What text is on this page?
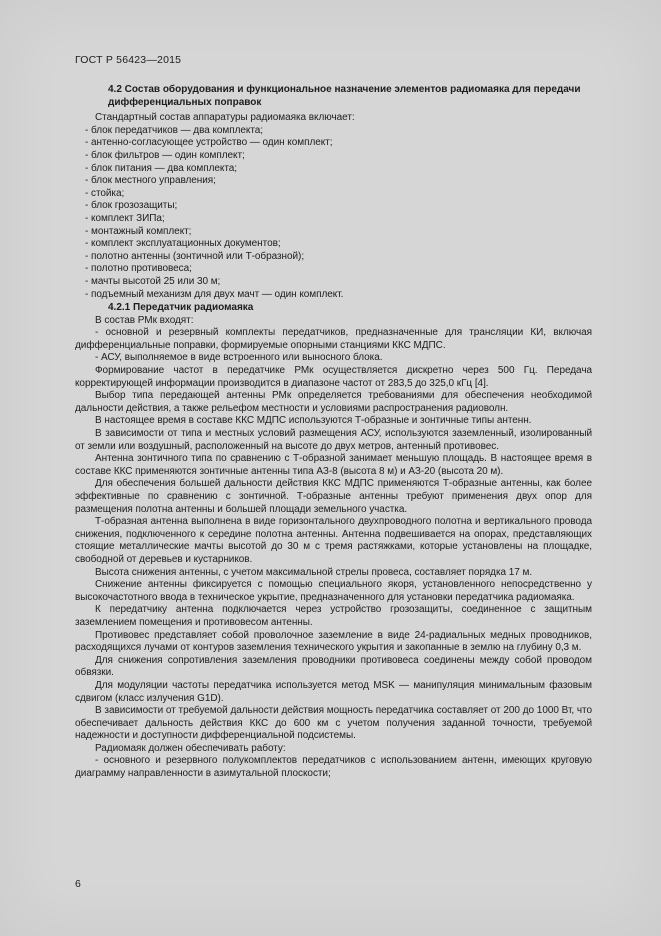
ГОСТ Р 56423—2015
4.2 Состав оборудования и функциональное назначение элементов радиомаяка для передачи дифференциальных поправок

Стандартный состав аппаратуры радиомаяка включает:

- блок передатчиков — два комплекта;
- антенно-согласующее устройство — один комплект;
- блок фильтров — один комплект;
- блок питания — два комплекта;
- блок местного управления;
- стойка;
- блок грозозащиты;
- комплект ЗИПа;
- монтажный комплект;
- комплект эксплуатационных документов;
- полотно антенны (зонтичной или Т-образной);
- полотно противовеса;
- мачты высотой 25 или 30 м;
- подъемный механизм для двух мачт — один комплект.
4.2.1 Передатчик радиомаяка

В состав РМк входят:

- основной и резервный комплекты передатчиков, предназначенные для трансляции КИ, включая дифференциальные поправки, формируемые опорными станциями ККС МДПС.

- АСУ, выполняемое в виде встроенного или выносного блока.

Формирование частот в передатчике РМк осуществляется дискретно через 500 Гц. Передача корректирующей информации производится в диапазоне частот от 283,5 до 325,0 кГц [4].

Выбор типа передающей антенны РМк определяется требованиями для обеспечения необходимой дальности действия, а также рельефом местности и условиями распространения радиоволн.

В настоящее время в составе ККС МДПС используются Т-образные и зонтичные типы антенн.

В зависимости от типа и местных условий размещения АСУ, используются заземленный, изолированный от земли или воздушный, расположенный на высоте до двух метров, антенный противовес.

Антенна зонтичного типа по сравнению с Т-образной занимает меньшую площадь. В настоящее время в составе ККС применяются зонтичные антенны типа АЗ-8 (высота 8 м) и АЗ-20 (высота 20 м).

Для обеспечения большей дальности действия ККС МДПС применяются Т-образные антенны, как более эффективные по сравнению с зонтичной. Т-образные антенны требуют применения двух опор для размещения полотна антенны и большей площади земельного участка.

Т-образная антенна выполнена в виде горизонтального двухпроводного полотна и вертикального провода снижения, подключенного к середине полотна антенны. Антенна подвешивается на опорах, представляющих стоящие металлические мачты высотой до 30 м с тремя растяжками, которые установлены на площадке, свободной от деревьев и кустарников.

Высота снижения антенны, с учетом максимальной стрелы провеса, составляет порядка 17 м.

Снижение антенны фиксируется с помощью специального якоря, установленного непосредственно у высокочастотного ввода в техническое укрытие, предназначенного для установки передатчика радиомаяка.

К передатчику антенна подключается через устройство грозозащиты, соединенное с защитным заземлением помещения и противовесом антенны.

Противовес представляет собой проволочное заземление в виде 24-радиальных медных проводников, расходящихся лучами от контуров заземления технического укрытия и закопанные в землю на глубину 0,3 м.

Для снижения сопротивления заземления проводники противовеса соединены между собой проводом обвязки.

Для модуляции частоты передатчика используется метод MSK — манипуляция минимальным фазовым сдвигом (класс излучения G1D).

В зависимости от требуемой дальности действия мощность передатчика составляет от 200 до 1000 Вт, что обеспечивает дальность действия ККС до 600 км с учетом получения заданной точности, требуемой надежности и доступности дифференциальной подсистемы.

Радиомаяк должен обеспечивать работу:

- основного и резервного полукомплектов передатчиков с использованием антенн, имеющих круговую диаграмму направленности в азимутальной плоскости;

6
